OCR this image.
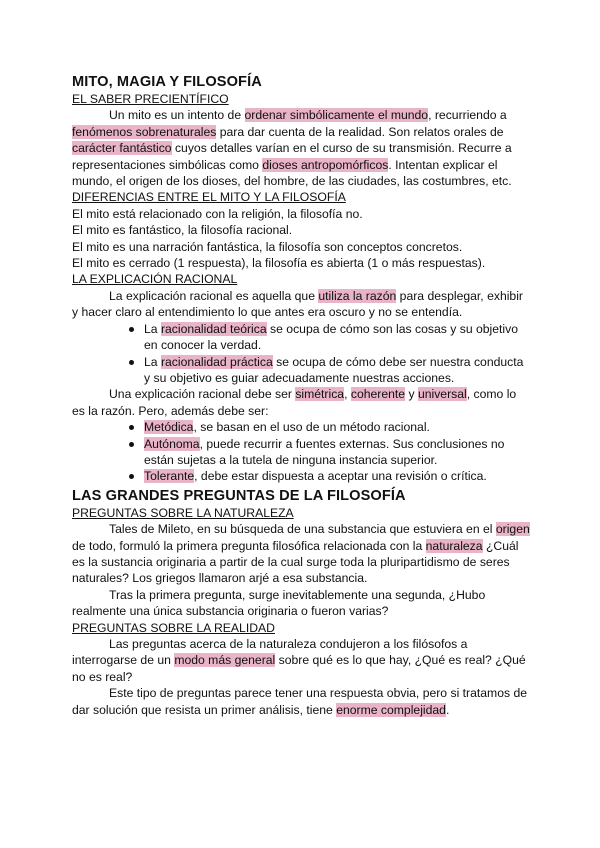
MITO, MAGIA Y FILOSOFÍA
EL SABER PRECIENTÍFICO

Un mito es un intento de ordenar simbólicamente el mundo, recurriendo a fenómenos sobrenaturales para dar cuenta de la realidad. Son relatos orales de carácter fantástico cuyos detalles varían en el curso de su transmisión. Recurre a representaciones simbólicas como dioses antropomórficos. Intentan explicar el mundo, el origen de los dioses, del hombre, de las ciudades, las costumbres, etc.

DIFERENCIAS ENTRE EL MITO Y LA FILOSOFÍA

El mito está relacionado con la religión, la filosofía no.

El mito es fantástico, la filosofía racional.

El mito es una narración fantástica, la filosofía son conceptos concretos.

El mito es cerrado (1 respuesta), la filosofía es abierta (1 o más respuestas).

LA EXPLICACIÓN RACIONAL

La explicación racional es aquella que utiliza la razón para desplegar, exhibir y hacer claro al entendimiento lo que antes era oscuro y no se entendía.

La racionalidad teórica se ocupa de cómo son las cosas y su objetivo en conocer la verdad.
La racionalidad práctica se ocupa de cómo debe ser nuestra conducta y su objetivo es guiar adecuadamente nuestras acciones.

Una explicación racional debe ser simétrica, coherente y universal, como lo es la razón. Pero, además debe ser:

Metódica, se basan en el uso de un método racional.
Autónoma, puede recurrir a fuentes externas. Sus conclusiones no están sujetas a la tutela de ninguna instancia superior.
Tolerante, debe estar dispuesta a aceptar una revisión o crítica.
LAS GRANDES PREGUNTAS DE LA FILOSOFÍA
PREGUNTAS SOBRE LA NATURALEZA

Tales de Mileto, en su búsqueda de una substancia que estuviera en el origen de todo, formuló la primera pregunta filosófica relacionada con la naturaleza ¿Cuál es la sustancia originaria a partir de la cual surge toda la pluripartidismo de seres naturales? Los griegos llamaron arjé a esa substancia.

Tras la primera pregunta, surge inevitablemente una segunda, ¿Hubo realmente una única substancia originaria o fueron varias?

PREGUNTAS SOBRE LA REALIDAD

Las preguntas acerca de la naturaleza condujeron a los filósofos a interrogarse de un modo más general sobre qué es lo que hay, ¿Qué es real? ¿Qué no es real?

Este tipo de preguntas parece tener una respuesta obvia, pero si tratamos de dar solución que resista un primer análisis, tiene enorme complejidad.
